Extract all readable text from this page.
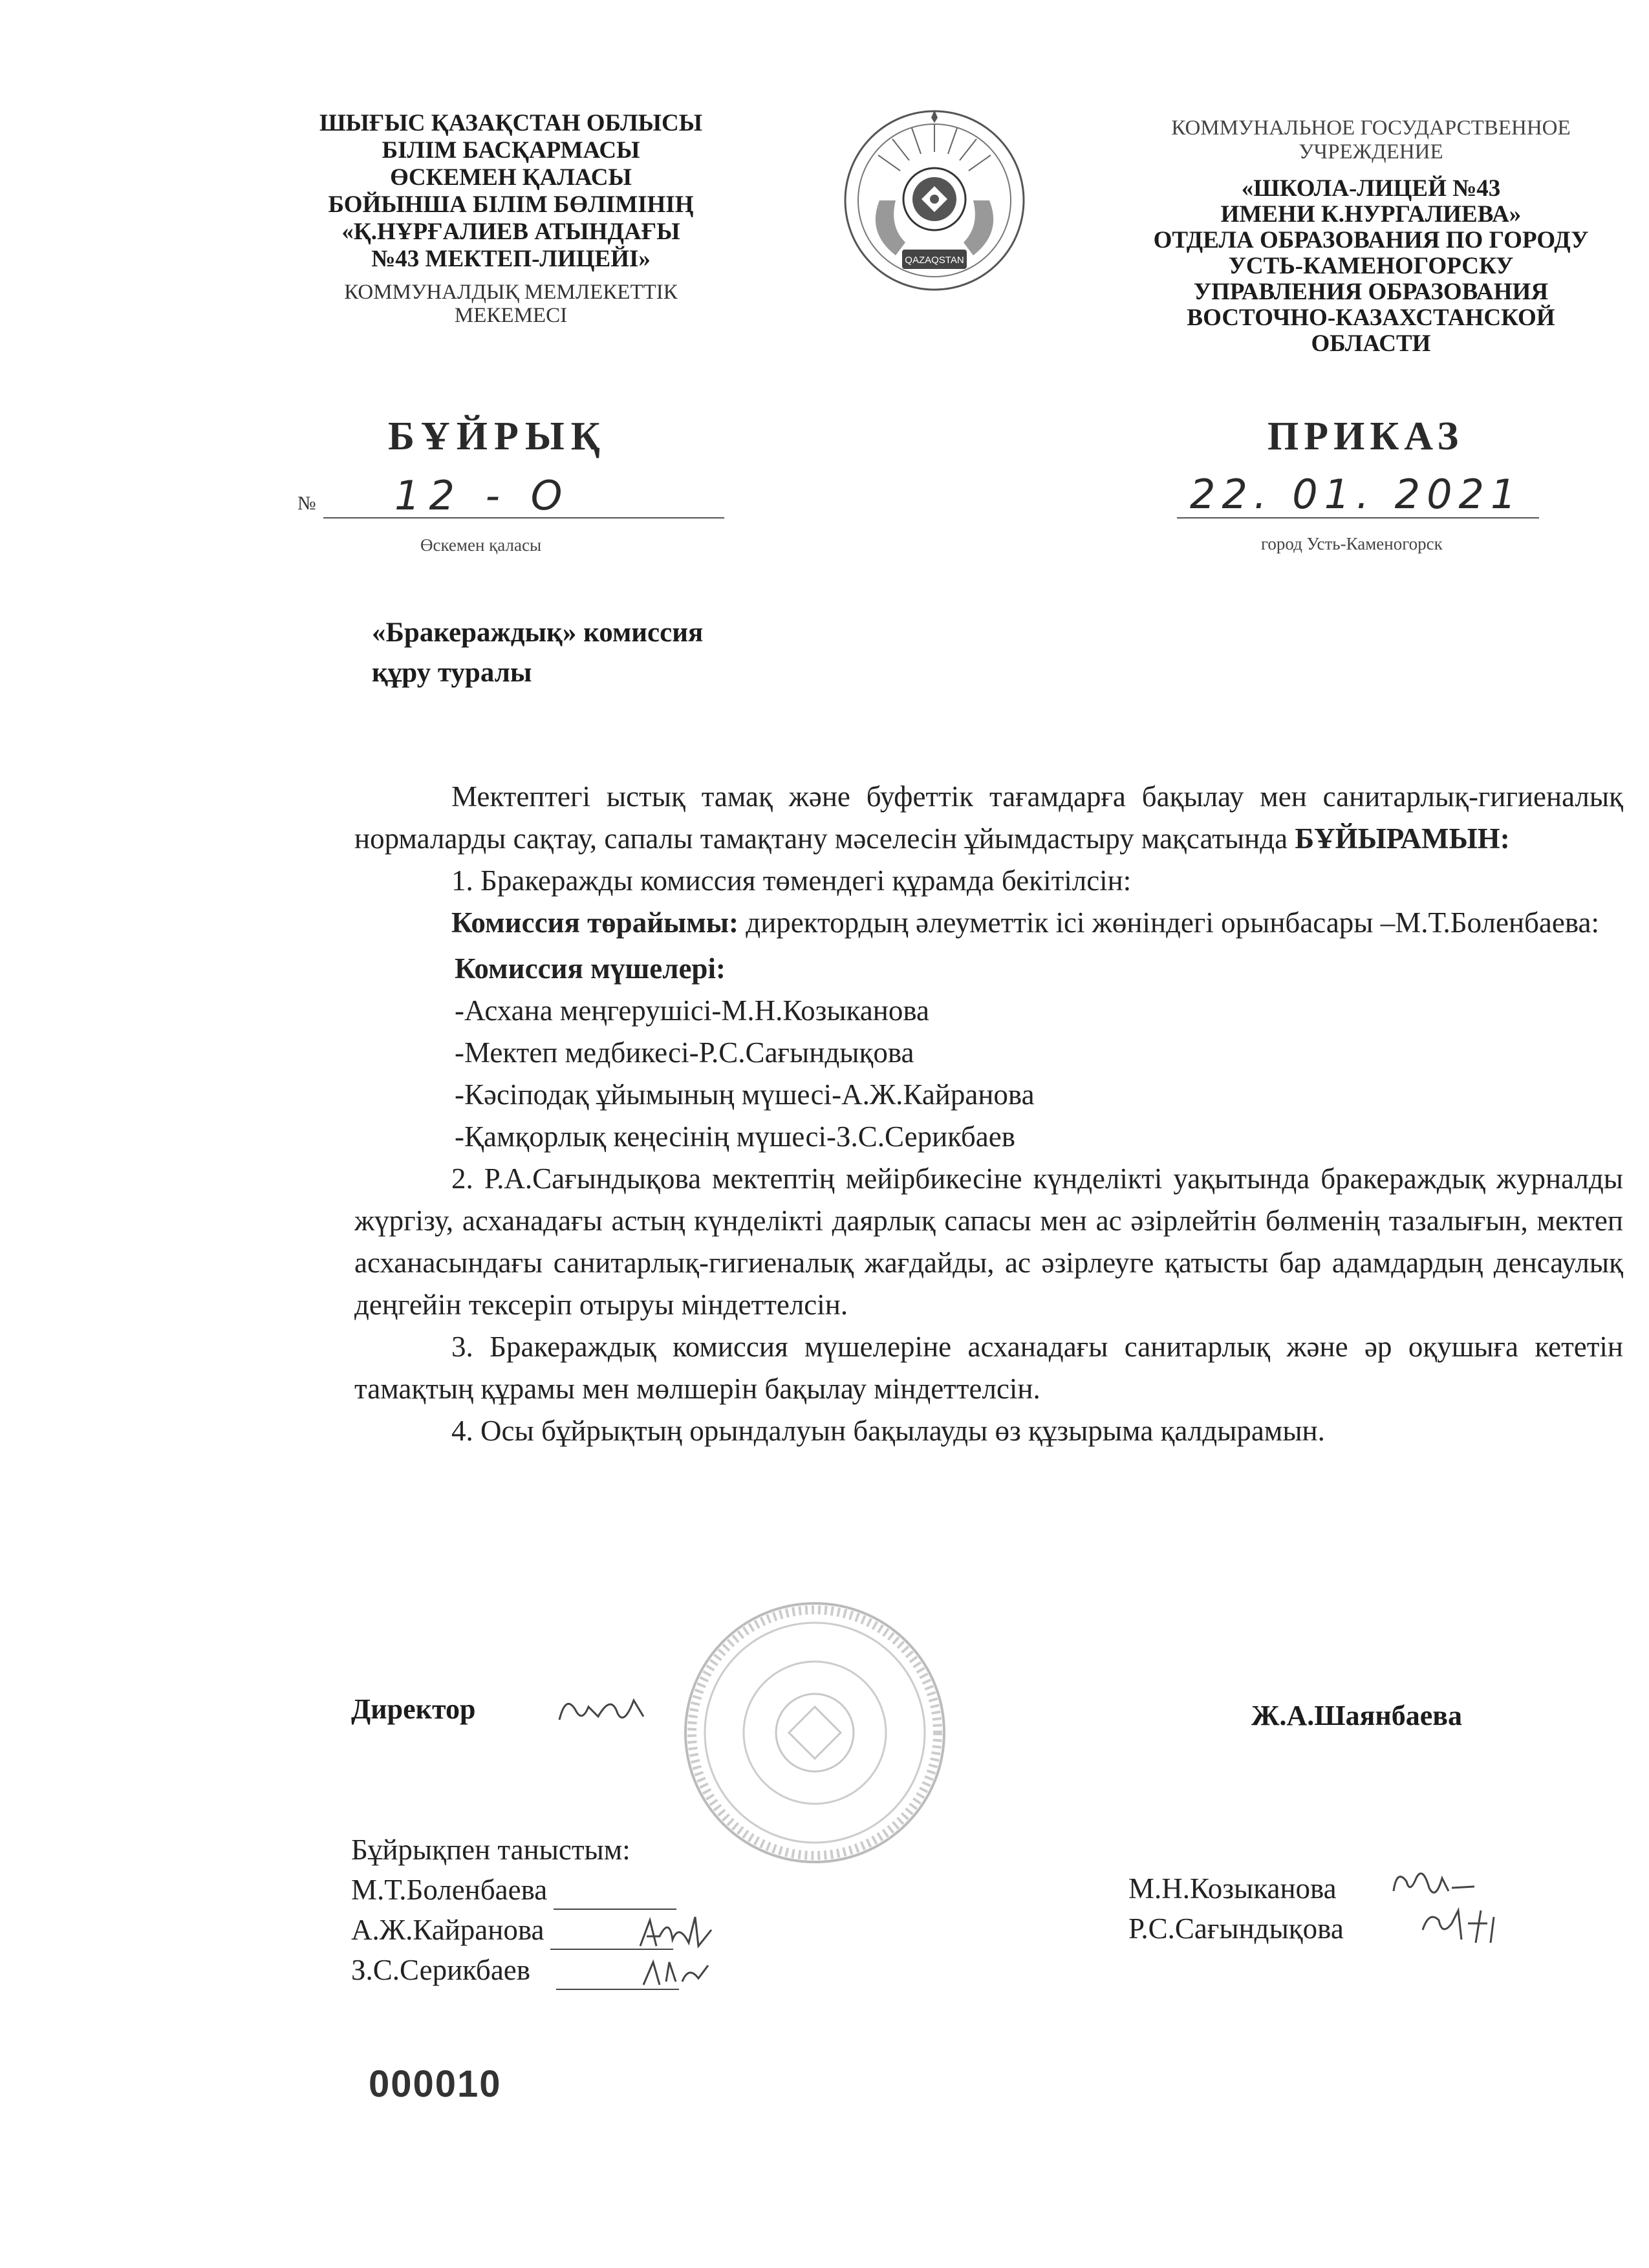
ШЫҒЫС ҚАЗАҚСТАН ОБЛЫСЫ
БІЛІМ БАСҚАРМАСЫ
ӨСКЕМЕН ҚАЛАСЫ
БОЙЫНША БІЛІМ БӨЛІМІНІҢ
«Қ.НҰРҒАЛИЕВ АТЫНДАҒЫ
№43 МЕКТЕП-ЛИЦЕЙІ»
КОММУНАЛДЫҚ МЕМЛЕКЕТТІК
МЕКЕМЕСІ
QAZAQSTAN
КОММУНАЛЬНОЕ ГОСУДАРСТВЕННОЕ
УЧРЕЖДЕНИЕ
«ШКОЛА-ЛИЦЕЙ №43
ИМЕНИ К.НУРГАЛИЕВА»
ОТДЕЛА ОБРАЗОВАНИЯ ПО ГОРОДУ
УСТЬ-КАМЕНОГОРСКУ
УПРАВЛЕНИЯ ОБРАЗОВАНИЯ
ВОСТОЧНО-КАЗАХСТАНСКОЙ
ОБЛАСТИ
БҰЙРЫҚ	ПРИКАЗ
№ 12 - О	22. 01. 2021
Өскемен қаласы	город Усть-Каменогорск
«Бракераждық» комиссия
құру туралы

Мектептегі ыстық тамақ және буфеттік тағамдарға бақылау мен санитарлық-гигиеналық нормаларды сақтау, сапалы тамақтану мәселесін ұйымдастыру мақсатында БҰЙЫРАМЫН:

1. Бракеражды комиссия төмендегі құрамда бекітілсін:

Комиссия төрайымы: директордың әлеуметтік ісі жөніндегі орынбасары –М.Т.Боленбаева:

Комиссия мүшелері:

-Асхана меңгерушісі-М.Н.Козыканова

-Мектеп медбикесі-Р.С.Сағындықова

-Кәсіподақ ұйымының мүшесі-А.Ж.Кайранова

-Қамқорлық кеңесінің мүшесі-З.С.Серикбаев

2. Р.А.Сағындықова мектептің мейірбикесіне күнделікті уақытында бракераждық журналды жүргізу, асханадағы астың күнделікті даярлық сапасы мен ас әзірлейтін бөлменің тазалығын, мектеп асханасындағы санитарлық-гигиеналық жағдайды, ас әзірлеуге қатысты бар адамдардың денсаулық деңгейін тексеріп отыруы міндеттелсін.

3. Бракераждық комиссия мүшелеріне асханадағы санитарлық және әр оқушыға кететін тамақтың құрамы мен мөлшерін бақылау міндеттелсін.

4. Осы бұйрықтың орындалуын бақылауды өз құзырыма қалдырамын.

Директор	Ж.А.Шаянбаева
Бұйрықпен таныстым:
М.Т.Боленбаева
А.Ж.Кайранова
З.С.Серикбаев
М.Н.Козыканова
Р.С.Сағындықова
000010
